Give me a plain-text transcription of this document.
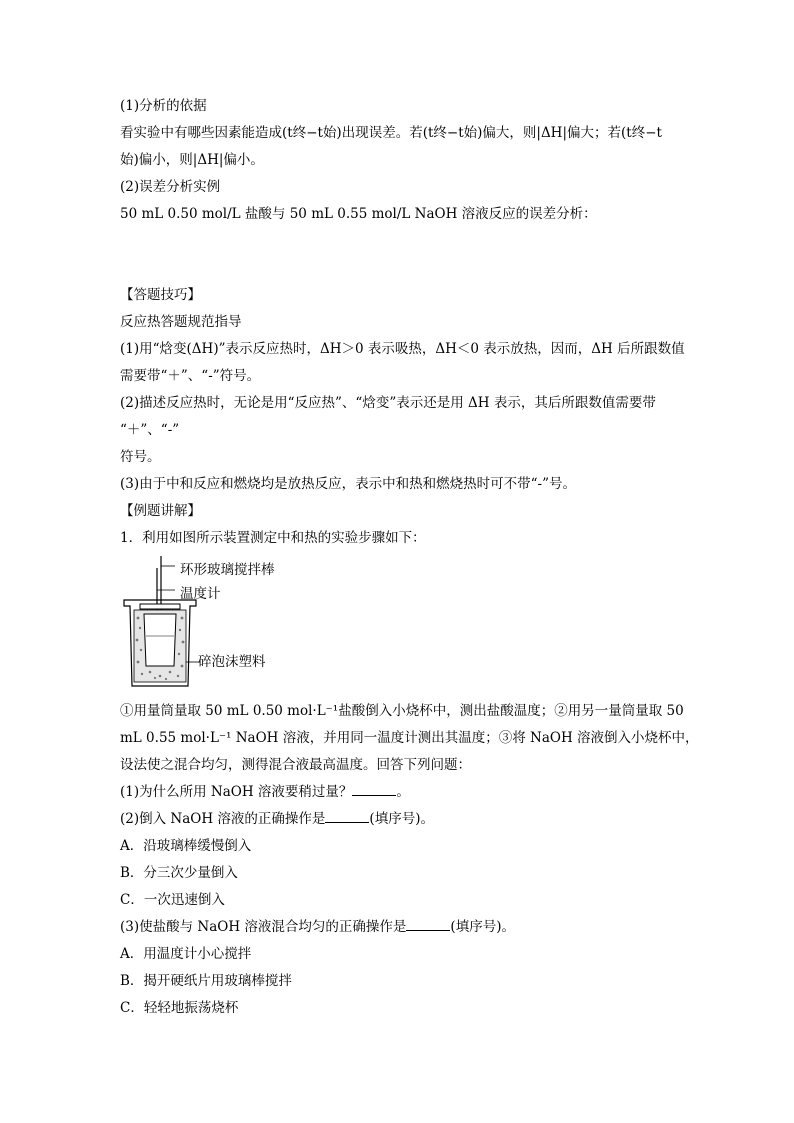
(1)分析的依据
看实验中有哪些因素能造成(t终−t始)出现误差。若(t终−t始)偏大，则|ΔH|偏大；若(t终−t
始)偏小，则|ΔH|偏小。
(2)误差分析实例
50 mL 0.50 mol/L 盐酸与 50 mL 0.55 mol/L NaOH 溶液反应的误差分析：
【答题技巧】
反应热答题规范指导
(1)用“焓变(ΔH)”表示反应热时，ΔH＞0 表示吸热，ΔH＜0 表示放热，因而，ΔH 后所跟数值
需要带“＋”、“-”符号。
(2)描述反应热时，无论是用“反应热”、“焓变”表示还是用 ΔH 表示，其后所跟数值需要带
“＋”、“-”
符号。
(3)由于中和反应和燃烧均是放热反应，表示中和热和燃烧热时可不带“-”号。
【例题讲解】
1．利用如图所示装置测定中和热的实验步骤如下：
环形玻璃搅拌棒
温度计
碎泡沫塑料
①用量筒量取 50 mL 0.50 mol·L⁻¹盐酸倒入小烧杯中，测出盐酸温度；②用另一量筒量取 50
mL 0.55 mol·L⁻¹ NaOH 溶液，并用同一温度计测出其温度；③将 NaOH 溶液倒入小烧杯中，
设法使之混合均匀，测得混合液最高温度。回答下列问题：
(1)为什么所用 NaOH 溶液要稍过量？	。
(2)倒入 NaOH 溶液的正确操作是	(填序号)。
A．沿玻璃棒缓慢倒入
B．分三次少量倒入
C．一次迅速倒入
(3)使盐酸与 NaOH 溶液混合均匀的正确操作是	(填序号)。
A．用温度计小心搅拌
B．揭开硬纸片用玻璃棒搅拌
C．轻轻地振荡烧杯
